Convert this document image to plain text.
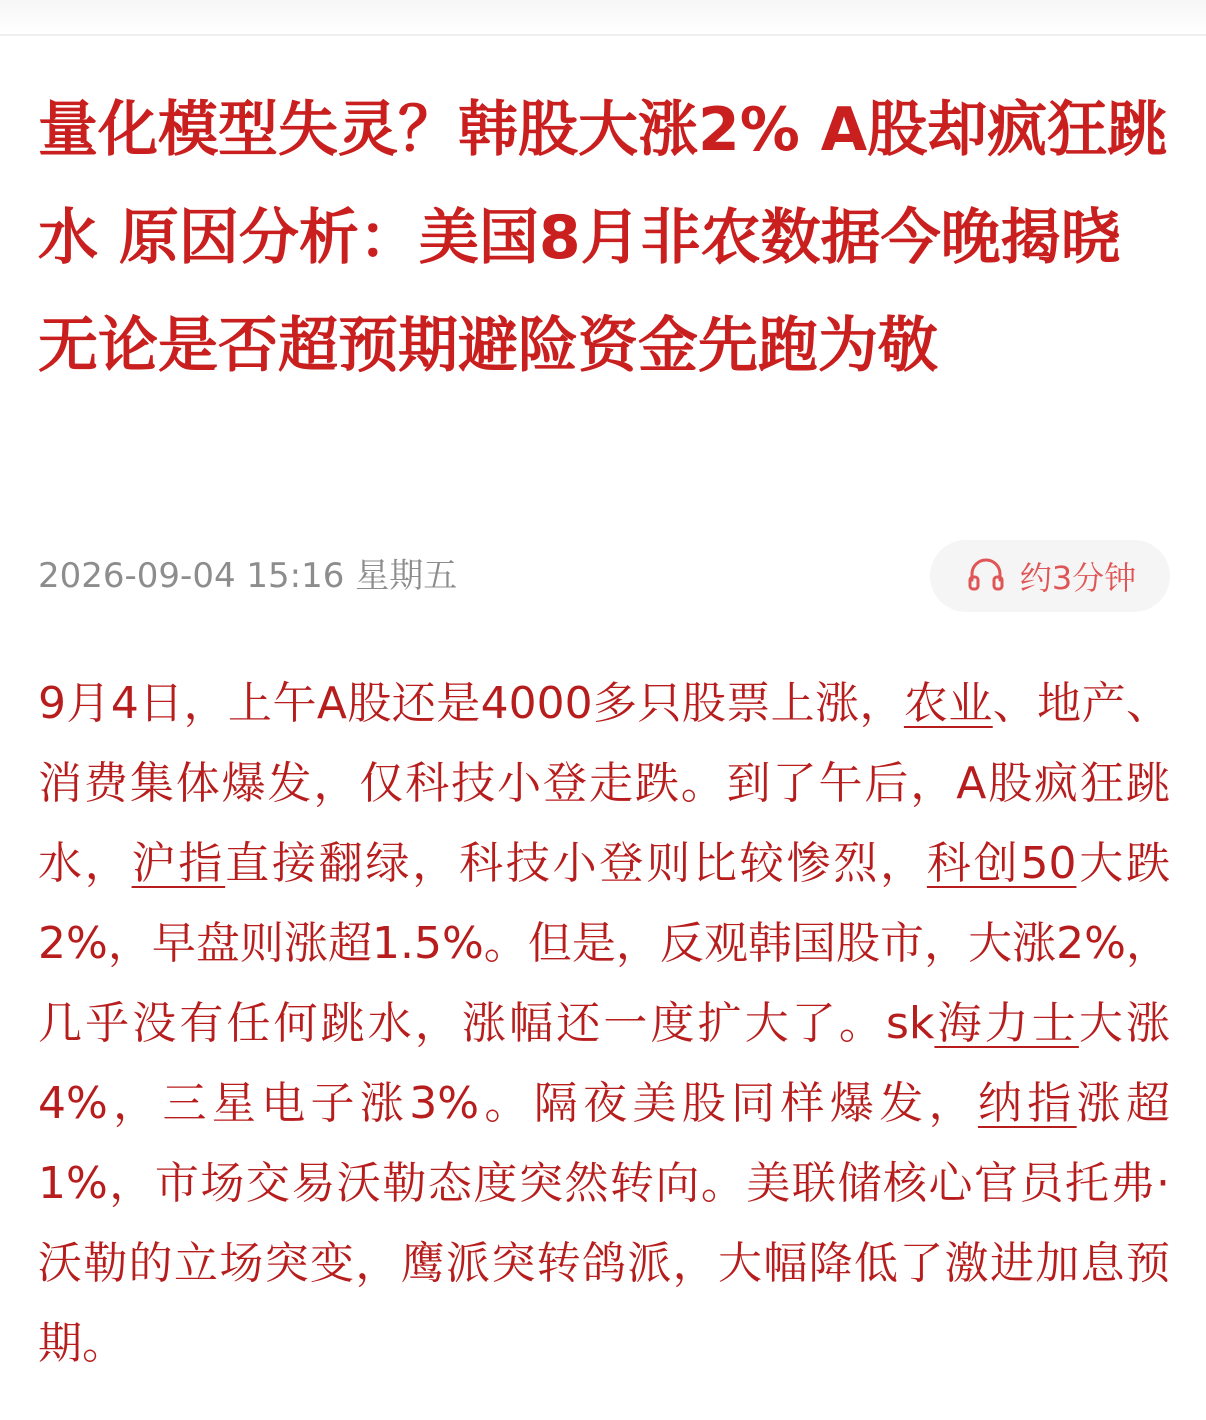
量化模型失灵？韩股大涨2% A股却疯狂跳水 原因分析：美国8月非农数据今晚揭晓 无论是否超预期避险资金先跑为敬
2026-09-04 15:16 星期五	约3分钟

9月4日，上午A股还是4000多只股票上涨，农业、地产、消费集体爆发，仅科技小登走跌。到了午后，A股疯狂跳水，沪指直接翻绿，科技小登则比较惨烈，科创50大跌2%，早盘则涨超1.5%。但是，反观韩国股市，大涨2%，几乎没有任何跳水，涨幅还一度扩大了。sk海力士大涨4%，三星电子涨3%。隔夜美股同样爆发，纳指涨超1%，市场交易沃勒态度突然转向。美联储核心官员托弗·沃勒的立场突变，鹰派突转鸽派，大幅降低了激进加息预期。
